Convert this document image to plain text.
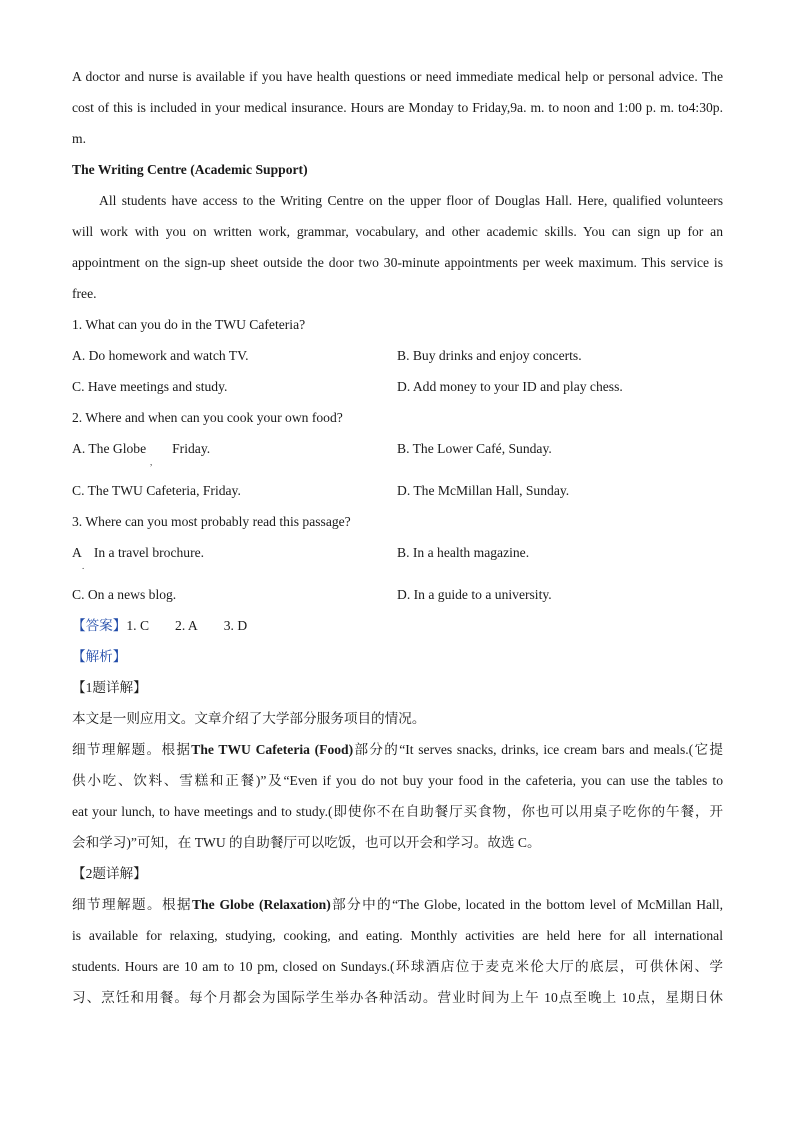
A doctor and nurse is available if you have health questions or need immediate medical help or personal advice. The
cost of this is included in your medical insurance. Hours are Monday to Friday,9a. m. to noon and 1:00 p. m. to4:30p.
m.
The Writing Centre (Academic Support)
All students have access to the Writing Centre on the upper floor of Douglas Hall. Here, qualified volunteers
will work with you on written work, grammar, vocabulary, and other academic skills. You can sign up for an
appointment on the sign-up sheet outside the door two 30-minute appointments per week maximum. This service is
free.
1. What can you do in the TWU Cafeteria?
A. Do homework and watch TV.	B. Buy drinks and enjoy concerts.
C. Have meetings and study.	D. Add money to your ID and play chess.
2. Where and when can you cook your own food?
A. The Globe Friday.
,
B. The Lower Café, Sunday.
C. The TWU Cafeteria, Friday.	D. The McMillan Hall, Sunday.
3. Where can you most probably read this passage?
A In a travel brochure.
.
B. In a health magazine.
C. On a news blog.	D. In a guide to a university.
【答案】1. C 2. A 3. D
【解析】
【1题详解】
本文是一则应用文。文章介绍了大学部分服务项目的情况。
细节理解题。根据The TWU Cafeteria (Food)部分的“It serves snacks, drinks, ice cream bars and meals.(它提
供小吃、饮料、雪糕和正餐)”及“Even if you do not buy your food in the cafeteria, you can use the tables to
eat your lunch, to have meetings and to study.(即使你不在自助餐厅买食物，你也可以用桌子吃你的午餐，开
会和学习)”可知，在 TWU 的自助餐厅可以吃饭，也可以开会和学习。故选 C。
【2题详解】
细节理解题。根据The Globe (Relaxation)部分中的“The Globe, located in the bottom level of McMillan Hall,
is available for relaxing, studying, cooking, and eating. Monthly activities are held here for all international
students. Hours are 10 am to 10 pm, closed on Sundays.(环球酒店位于麦克米伦大厅的底层，可供休闲、学
习、烹饪和用餐。每个月都会为国际学生举办各种活动。营业时间为上午 10点至晚上 10点，星期日休
